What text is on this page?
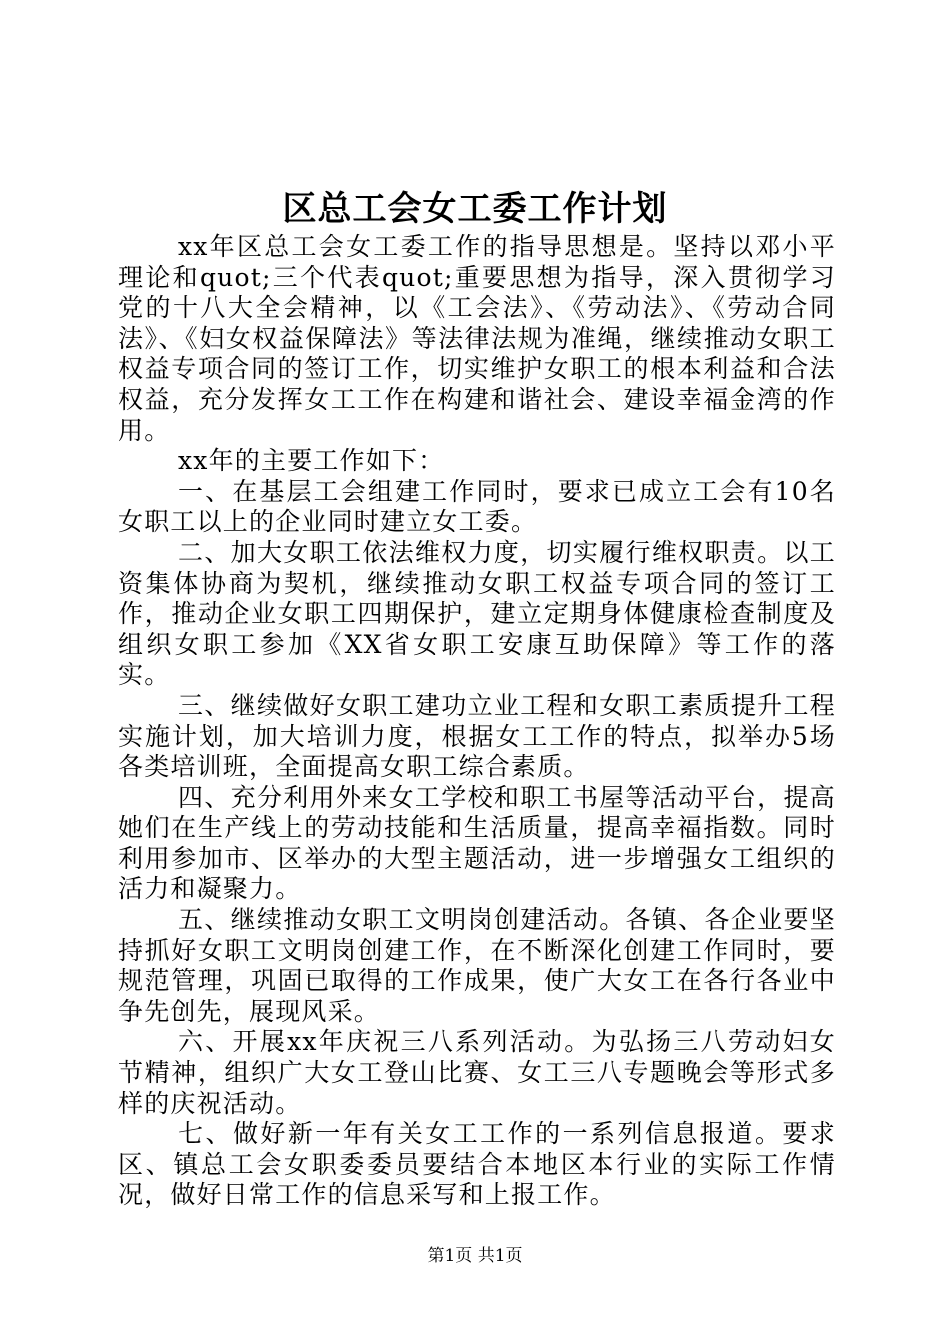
区总工会女工委工作计划

xx年区总工会女工委工作的指导思想是。坚持以邓小平理论和quot;三个代表quot;重要思想为指导，深入贯彻学习党的十八大全会精神，以《工会法》、《劳动法》、《劳动合同法》、《妇女权益保障法》等法律法规为准绳，继续推动女职工权益专项合同的签订工作，切实维护女职工的根本利益和合法权益，充分发挥女工工作在构建和谐社会、建设幸福金湾的作用。

xx年的主要工作如下：

一、在基层工会组建工作同时，要求已成立工会有10名女职工以上的企业同时建立女工委。

二、加大女职工依法维权力度，切实履行维权职责。以工资集体协商为契机，继续推动女职工权益专项合同的签订工作，推动企业女职工四期保护，建立定期身体健康检查制度及组织女职工参加《XX省女职工安康互助保障》等工作的落实。

三、继续做好女职工建功立业工程和女职工素质提升工程实施计划，加大培训力度，根据女工工作的特点，拟举办5场各类培训班，全面提高女职工综合素质。

四、充分利用外来女工学校和职工书屋等活动平台，提高她们在生产线上的劳动技能和生活质量，提高幸福指数。同时利用参加市、区举办的大型主题活动，进一步增强女工组织的活力和凝聚力。

五、继续推动女职工文明岗创建活动。各镇、各企业要坚持抓好女职工文明岗创建工作，在不断深化创建工作同时，要规范管理，巩固已取得的工作成果，使广大女工在各行各业中争先创先，展现风采。

六、开展xx年庆祝三八系列活动。为弘扬三八劳动妇女节精神，组织广大女工登山比赛、女工三八专题晚会等形式多样的庆祝活动。

七、做好新一年有关女工工作的一系列信息报道。要求区、镇总工会女职委委员要结合本地区本行业的实际工作情况，做好日常工作的信息采写和上报工作。

第1页 共1页
